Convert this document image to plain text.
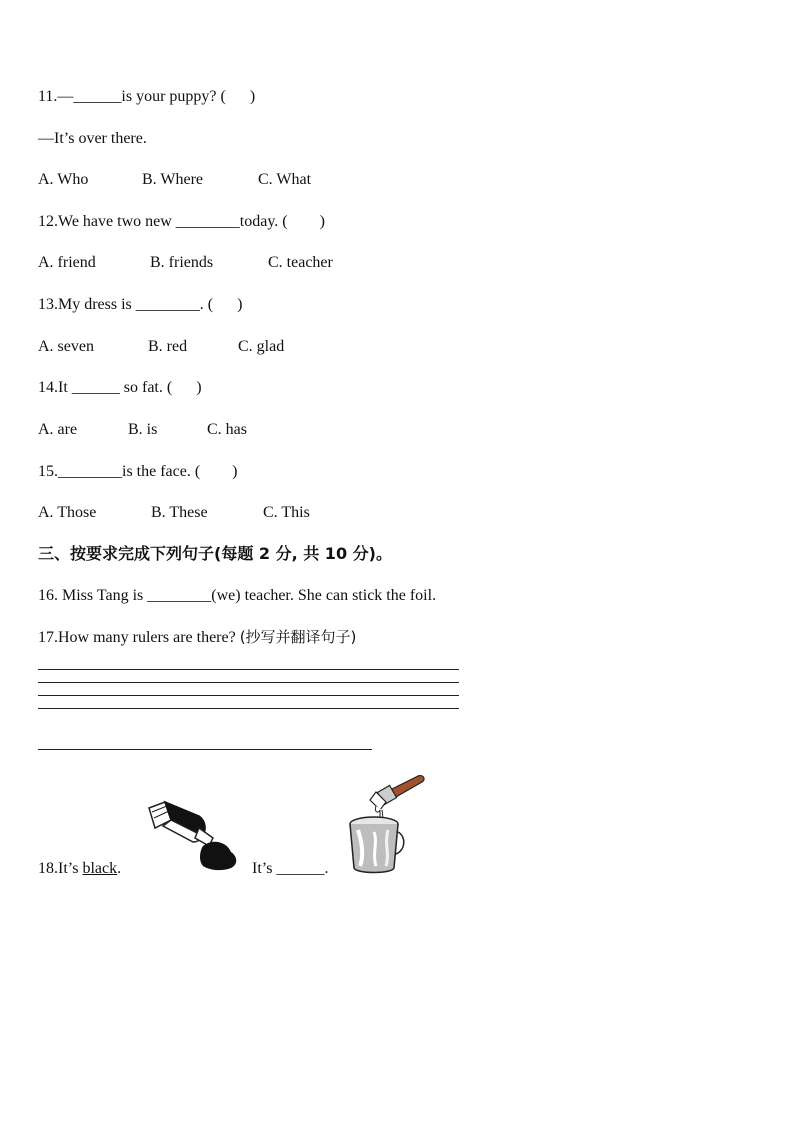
11.—______is your puppy? (      )
—It’s over there.
A. Who	B. Where	C. What
12.We have two new ________today. (        )
A. friend	B. friends	C. teacher
13.My dress is ________. (      )
A. seven	B. red	C. glad
14.It ______ so fat. (      )
A. are	B. is	C. has
15.________is the face. (        )
A. Those	B. These	C. This
三、按要求完成下列句子(每题 2 分, 共 10 分)。
16. Miss Tang is ________(we) teacher. She can stick the foil.
17.How many rulers are there? (抄写并翻译句子)
18.It’s black.	It’s ______.
